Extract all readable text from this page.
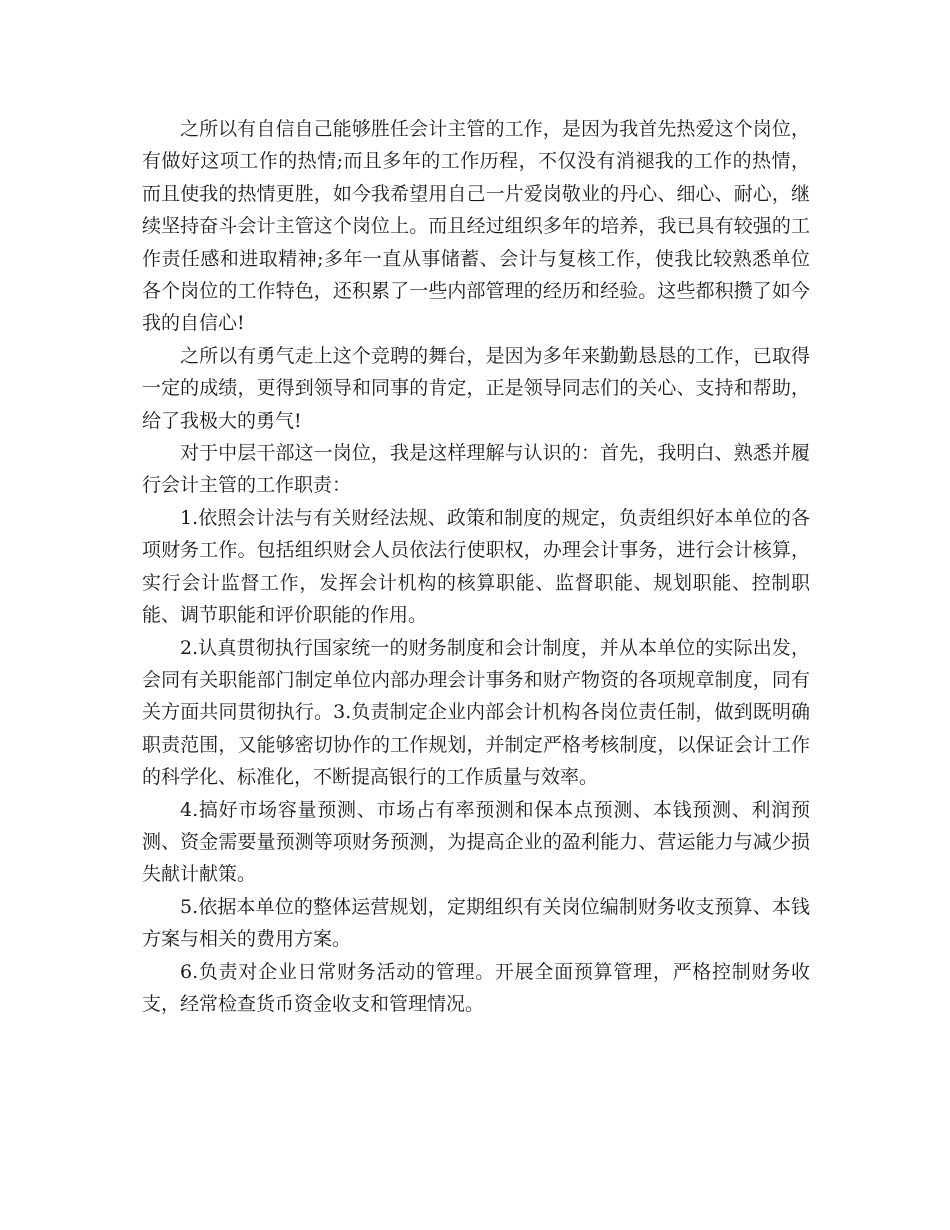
之所以有自信自己能够胜任会计主管的工作，是因为我首先热爱这个岗位，有做好这项工作的热情;而且多年的工作历程，不仅没有消褪我的工作的热情，而且使我的热情更胜，如今我希望用自己一片爱岗敬业的丹心、细心、耐心，继续坚持奋斗会计主管这个岗位上。而且经过组织多年的培养，我已具有较强的工作责任感和进取精神;多年一直从事储蓄、会计与复核工作，使我比较熟悉单位各个岗位的工作特色，还积累了一些内部管理的经历和经验。这些都积攒了如今我的自信心!

之所以有勇气走上这个竞聘的舞台，是因为多年来勤勤恳恳的工作，已取得一定的成绩，更得到领导和同事的肯定，正是领导同志们的关心、支持和帮助，给了我极大的勇气!

对于中层干部这一岗位，我是这样理解与认识的：首先，我明白、熟悉并履行会计主管的工作职责：

1.依照会计法与有关财经法规、政策和制度的规定，负责组织好本单位的各项财务工作。包括组织财会人员依法行使职权，办理会计事务，进行会计核算，实行会计监督工作，发挥会计机构的核算职能、监督职能、规划职能、控制职能、调节职能和评价职能的作用。

2.认真贯彻执行国家统一的财务制度和会计制度，并从本单位的实际出发，会同有关职能部门制定单位内部办理会计事务和财产物资的各项规章制度，同有关方面共同贯彻执行。3.负责制定企业内部会计机构各岗位责任制，做到既明确职责范围，又能够密切协作的工作规划，并制定严格考核制度，以保证会计工作的科学化、标准化，不断提高银行的工作质量与效率。

4.搞好市场容量预测、市场占有率预测和保本点预测、本钱预测、利润预测、资金需要量预测等项财务预测，为提高企业的盈利能力、营运能力与减少损失献计献策。

5.依据本单位的整体运营规划，定期组织有关岗位编制财务收支预算、本钱方案与相关的费用方案。

6.负责对企业日常财务活动的管理。开展全面预算管理，严格控制财务收支，经常检查货币资金收支和管理情况。
